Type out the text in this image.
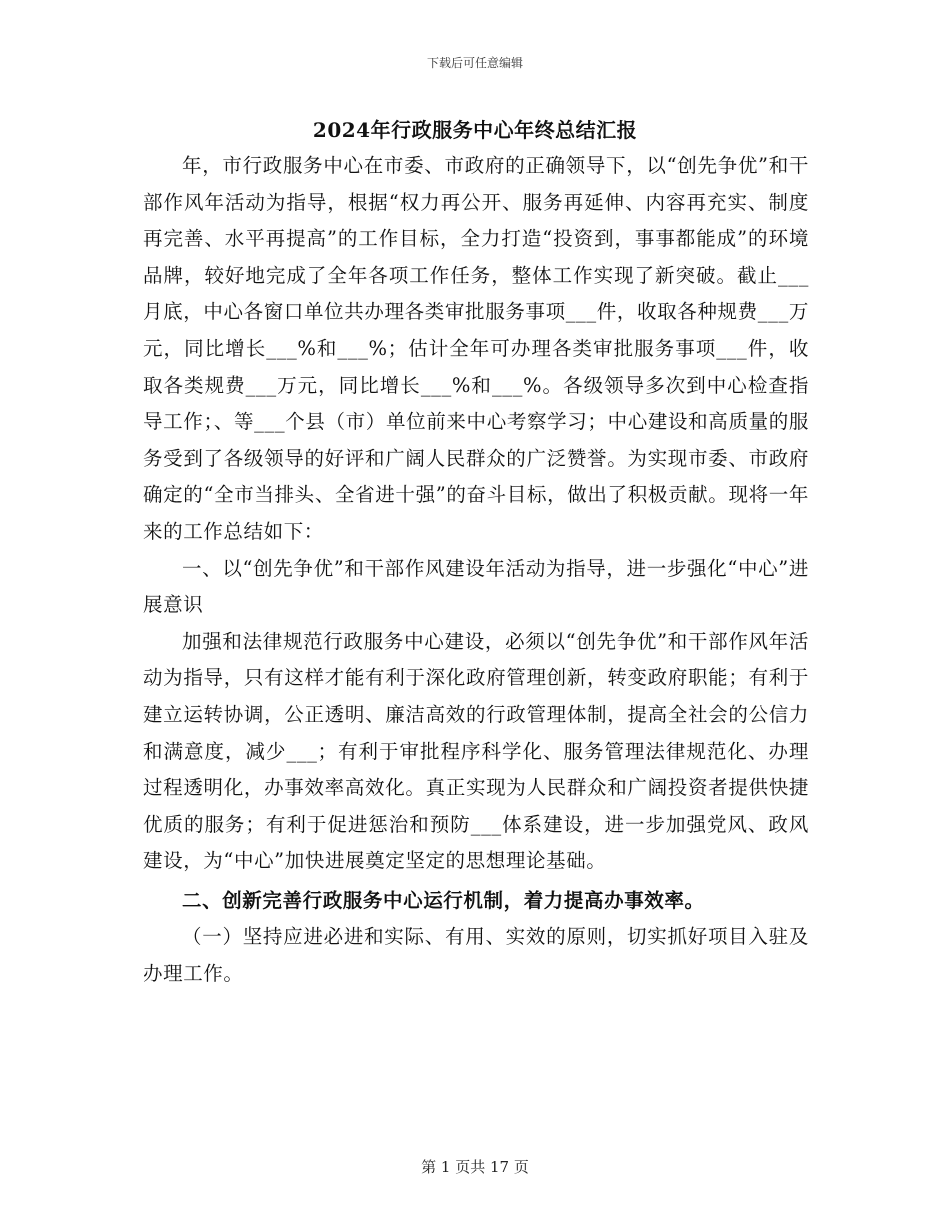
下载后可任意编辑
2024年行政服务中心年终总结汇报

年，市行政服务中心在市委、市政府的正确领导下，以“创先争优”和干部作风年活动为指导，根据“权力再公开、服务再延伸、内容再充实、制度再完善、水平再提高”的工作目标，全力打造“投资到，事事都能成”的环境品牌，较好地完成了全年各项工作任务，整体工作实现了新突破。截止___月底，中心各窗口单位共办理各类审批服务事项___件，收取各种规费___万元，同比增长___%和___%；估计全年可办理各类审批服务事项___件，收取各类规费___万元，同比增长___%和___%。各级领导多次到中心检查指导工作；、等___个县（市）单位前来中心考察学习；中心建设和高质量的服务受到了各级领导的好评和广阔人民群众的广泛赞誉。为实现市委、市政府确定的“全市当排头、全省进十强”的奋斗目标，做出了积极贡献。现将一年来的工作总结如下：

一、以“创先争优”和干部作风建设年活动为指导，进一步强化“中心”进展意识

加强和法律规范行政服务中心建设，必须以“创先争优”和干部作风年活动为指导，只有这样才能有利于深化政府管理创新，转变政府职能；有利于建立运转协调，公正透明、廉洁高效的行政管理体制，提高全社会的公信力和满意度，减少___；有利于审批程序科学化、服务管理法律规范化、办理过程透明化，办事效率高效化。真正实现为人民群众和广阔投资者提供快捷优质的服务；有利于促进惩治和预防___体系建设，进一步加强党风、政风建设，为“中心”加快进展奠定坚定的思想理论基础。

二、创新完善行政服务中心运行机制，着力提高办事效率。

（一）坚持应进必进和实际、有用、实效的原则，切实抓好项目入驻及办理工作。

第 1 页共 17 页
